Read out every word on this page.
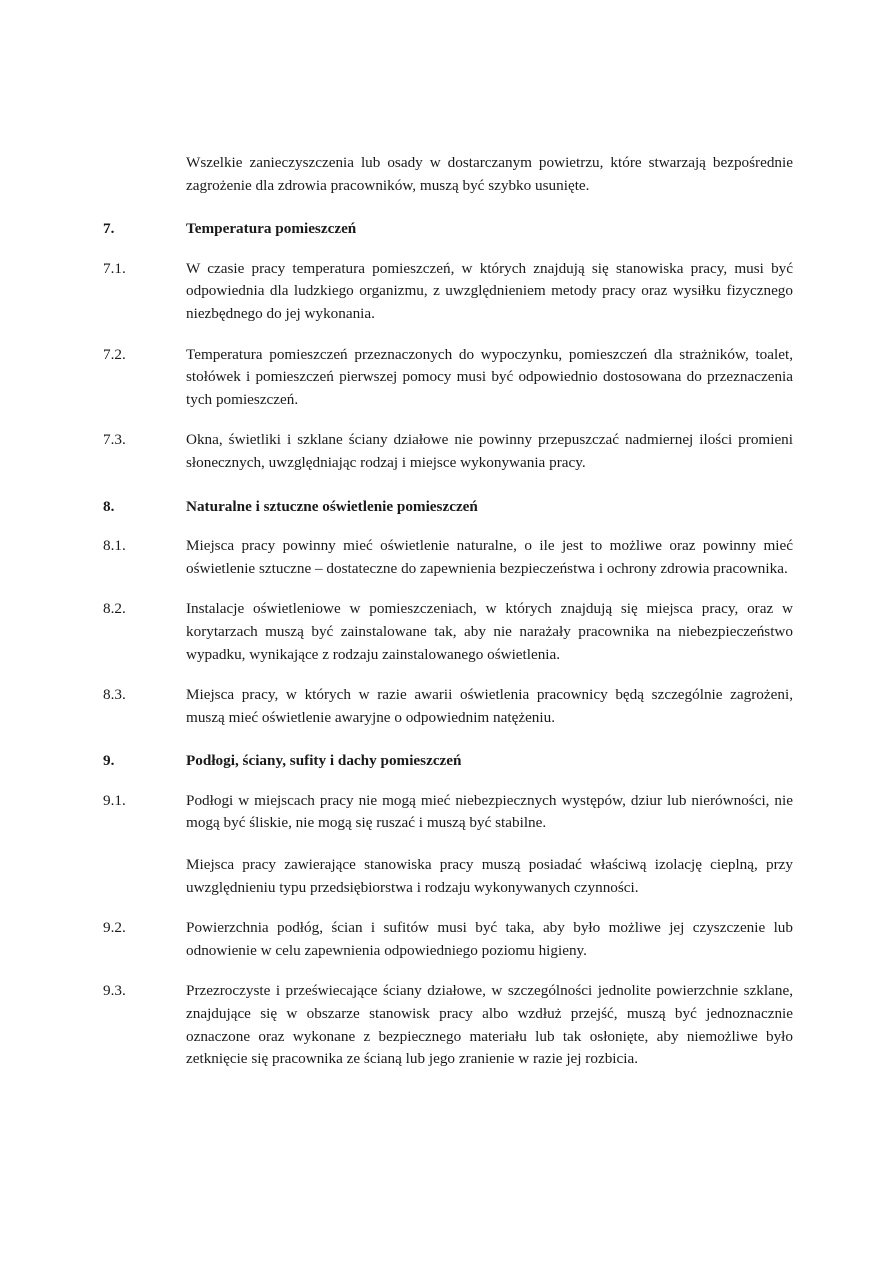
Wszelkie zanieczyszczenia lub osady w dostarczanym powietrzu, które stwarzają bezpośrednie zagrożenie dla zdrowia pracowników, muszą być szybko usunięte.
7.	Temperatura pomieszczeń
7.1.	W czasie pracy temperatura pomieszczeń, w których znajdują się stanowiska pracy, musi być odpowiednia dla ludzkiego organizmu, z uwzględnieniem metody pracy oraz wysiłku fizycznego niezbędnego do jej wykonania.
7.2.	Temperatura pomieszczeń przeznaczonych do wypoczynku, pomieszczeń dla strażników, toalet, stołówek i pomieszczeń pierwszej pomocy musi być odpowiednio dostosowana do przeznaczenia tych pomieszczeń.
7.3.	Okna, świetliki i szklane ściany działowe nie powinny przepuszczać nadmiernej ilości promieni słonecznych, uwzględniając rodzaj i miejsce wykonywania pracy.
8.	Naturalne i sztuczne oświetlenie pomieszczeń
8.1.	Miejsca pracy powinny mieć oświetlenie naturalne, o ile jest to możliwe oraz powinny mieć oświetlenie sztuczne – dostateczne do zapewnienia bezpieczeństwa i ochrony zdrowia pracownika.
8.2.	Instalacje oświetleniowe w pomieszczeniach, w których znajdują się miejsca pracy, oraz w korytarzach muszą być zainstalowane tak, aby nie narażały pracownika na niebezpieczeństwo wypadku, wynikające z rodzaju zainstalowanego oświetlenia.
8.3.	Miejsca pracy, w których w razie awarii oświetlenia pracownicy będą szczególnie zagrożeni, muszą mieć oświetlenie awaryjne o odpowiednim natężeniu.
9.	Podłogi, ściany, sufity i dachy pomieszczeń
9.1.	Podłogi w miejscach pracy nie mogą mieć niebezpiecznych występów, dziur lub nierówności, nie mogą być śliskie, nie mogą się ruszać i muszą być stabilne.
Miejsca pracy zawierające stanowiska pracy muszą posiadać właściwą izolację cieplną, przy uwzględnieniu typu przedsiębiorstwa i rodzaju wykonywanych czynności.
9.2.	Powierzchnia podłóg, ścian i sufitów musi być taka, aby było możliwe jej czyszczenie lub odnowienie w celu zapewnienia odpowiedniego poziomu higieny.
9.3.	Przezroczyste i przeświecające ściany działowe, w szczególności jednolite powierzchnie szklane, znajdujące się w obszarze stanowisk pracy albo wzdłuż przejść, muszą być jednoznacznie oznaczone oraz wykonane z bezpiecznego materiału lub tak osłonięte, aby niemożliwe było zetknięcie się pracownika ze ścianą lub jego zranienie w razie jej rozbicia.
